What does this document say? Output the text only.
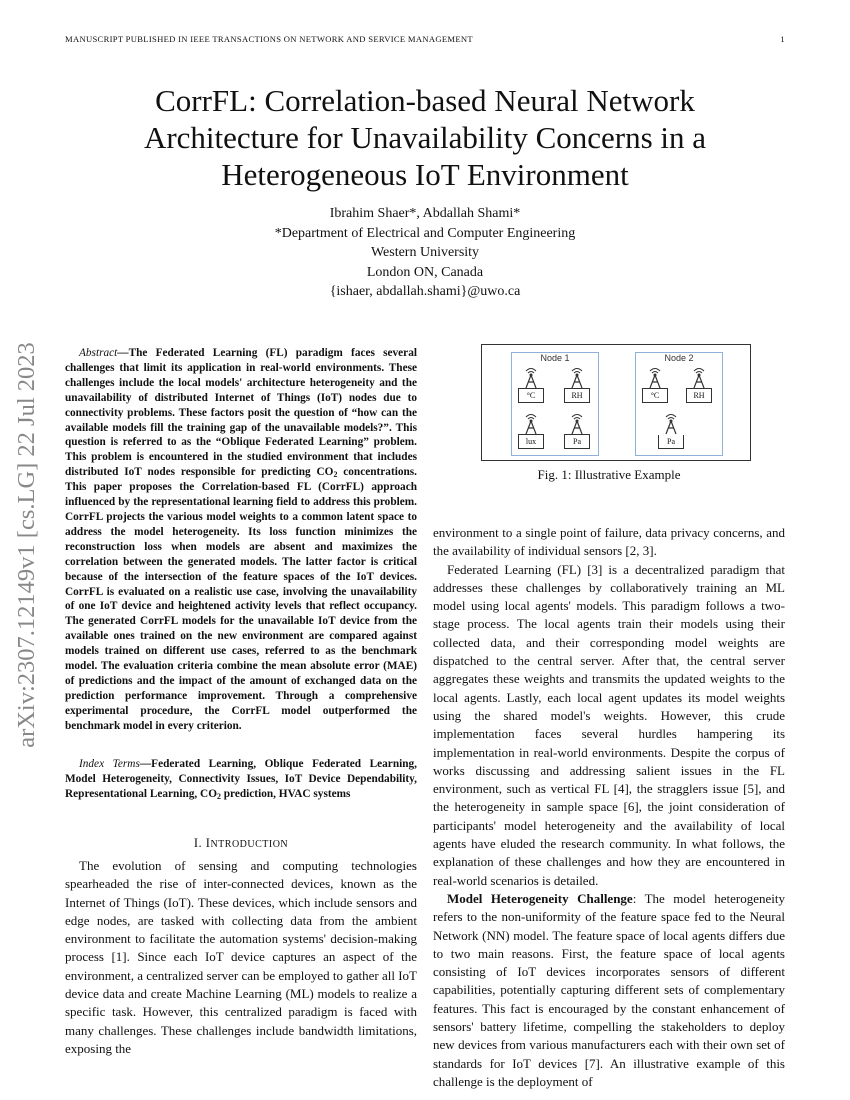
MANUSCRIPT PUBLISHED IN IEEE TRANSACTIONS ON NETWORK AND SERVICE MANAGEMENT	1
arXiv:2307.12149v1 [cs.LG] 22 Jul 2023
CorrFL: Correlation-based Neural Network Architecture for Unavailability Concerns in a Heterogeneous IoT Environment
Ibrahim Shaer*, Abdallah Shami*
*Department of Electrical and Computer Engineering
Western University
London ON, Canada
{ishaer, abdallah.shami}@uwo.ca
Abstract—The Federated Learning (FL) paradigm faces several challenges that limit its application in real-world environments. These challenges include the local models' architecture heterogeneity and the unavailability of distributed Internet of Things (IoT) nodes due to connectivity problems. These factors posit the question of “how can the available models fill the training gap of the unavailable models?”. This question is referred to as the “Oblique Federated Learning” problem. This problem is encountered in the studied environment that includes distributed IoT nodes responsible for predicting $CO_2$ concentrations. This paper proposes the Correlation-based FL (CorrFL) approach influenced by the representational learning field to address this problem. CorrFL projects the various model weights to a common latent space to address the model heterogeneity. Its loss function minimizes the reconstruction loss when models are absent and maximizes the correlation between the generated models. The latter factor is critical because of the intersection of the feature spaces of the IoT devices. CorrFL is evaluated on a realistic use case, involving the unavailability of one IoT device and heightened activity levels that reflect occupancy. The generated CorrFL models for the unavailable IoT device from the available ones trained on the new environment are compared against models trained on different use cases, referred to as the benchmark model. The evaluation criteria combine the mean absolute error (MAE) of predictions and the impact of the amount of exchanged data on the prediction performance improvement. Through a comprehensive experimental procedure, the CorrFL model outperformed the benchmark model in every criterion.
Index Terms—Federated Learning, Oblique Federated Learning, Model Heterogeneity, Connectivity Issues, IoT Device Dependability, Representational Learning, $CO_2$ prediction, HVAC systems
I. INTRODUCTION
The evolution of sensing and computing technologies spearheaded the rise of inter-connected devices, known as the Internet of Things (IoT). These devices, which include sensors and edge nodes, are tasked with collecting data from the ambient environment to facilitate the automation systems' decision-making process [1]. Since each IoT device captures an aspect of the environment, a centralized server can be employed to gather all IoT device data and create Machine Learning (ML) models to realize a specific task. However, this centralized paradigm is faced with many challenges. These challenges include bandwidth limitations, exposing the
Node 1
°C	RH
lux	Pa
Node 2
°C	RH
Pa
Fig. 1: Illustrative Example

environment to a single point of failure, data privacy concerns, and the availability of individual sensors [2, 3].

Federated Learning (FL) [3] is a decentralized paradigm that addresses these challenges by collaboratively training an ML model using local agents' models. This paradigm follows a two-stage process. The local agents train their models using their collected data, and their corresponding model weights are dispatched to the central server. After that, the central server aggregates these weights and transmits the updated weights to the local agents. Lastly, each local agent updates its model weights using the shared model's weights. However, this crude implementation faces several hurdles hampering its implementation in real-world environments. Despite the corpus of works discussing and addressing salient issues in the FL environment, such as vertical FL [4], the stragglers issue [5], and the heterogeneity in sample space [6], the joint consideration of participants' model heterogeneity and the availability of local agents have eluded the research community. In what follows, the explanation of these challenges and how they are encountered in real-world scenarios is detailed.

Model Heterogeneity Challenge: The model heterogeneity refers to the non-uniformity of the feature space fed to the Neural Network (NN) model. The feature space of local agents differs due to two main reasons. First, the feature space of local agents consisting of IoT devices incorporates sensors of different capabilities, potentially capturing different sets of complementary features. This fact is encouraged by the constant enhancement of sensors' battery lifetime, compelling the stakeholders to deploy new devices from various manufacturers each with their own set of standards for IoT devices [7]. An illustrative example of this challenge is the deployment of
